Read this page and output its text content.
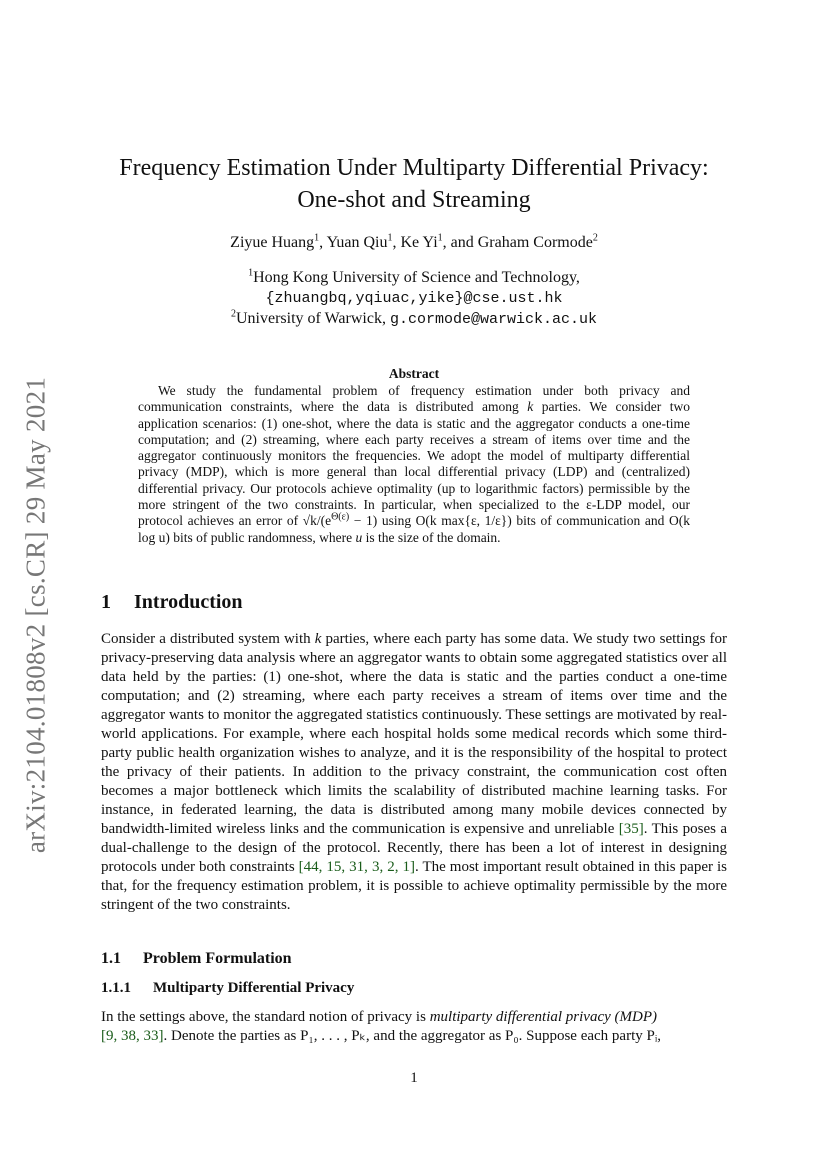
arXiv:2104.01808v2 [cs.CR] 29 May 2021
Frequency Estimation Under Multiparty Differential Privacy:
One-shot and Streaming
Ziyue Huang$^1$, Yuan Qiu$^1$, Ke Yi$^1$, and Graham Cormode$^2$
$^1$Hong Kong University of Science and Technology,
{zhuangbq,yqiuac,yike}@cse.ust.hk
$^2$University of Warwick, g.cormode@warwick.ac.uk
Abstract
We study the fundamental problem of frequency estimation under both privacy and communication constraints, where the data is distributed among k parties. We consider two application scenarios: (1) one-shot, where the data is static and the aggregator conducts a one-time computation; and (2) streaming, where each party receives a stream of items over time and the aggregator continuously monitors the frequencies. We adopt the model of multiparty differential privacy (MDP), which is more general than local differential privacy (LDP) and (centralized) differential privacy. Our protocols achieve optimality (up to logarithmic factors) permissible by the more stringent of the two constraints. In particular, when specialized to the ε-LDP model, our protocol achieves an error of $√k/(e^{\Theta(\varepsilon)} - 1)$ using O(k max{ε, 1/ε}) bits of communication and O(k log u) bits of public randomness, where u is the size of the domain.
1 Introduction
Consider a distributed system with k parties, where each party has some data. We study two settings for privacy-preserving data analysis where an aggregator wants to obtain some aggregated statistics over all data held by the parties: (1) one-shot, where the data is static and the parties conduct a one-time computation; and (2) streaming, where each party receives a stream of items over time and the aggregator wants to monitor the aggregated statistics continuously. These settings are motivated by real-world applications. For example, where each hospital holds some medical records which some third-party public health organization wishes to analyze, and it is the responsibility of the hospital to protect the privacy of their patients. In addition to the privacy constraint, the communication cost often becomes a major bottleneck which limits the scalability of distributed machine learning tasks. For instance, in federated learning, the data is distributed among many mobile devices connected by bandwidth-limited wireless links and the communication is expensive and unreliable [35]. This poses a dual-challenge to the design of the protocol. Recently, there has been a lot of interest in designing protocols under both constraints [44, 15, 31, 3, 2, 1]. The most important result obtained in this paper is that, for the frequency estimation problem, it is possible to achieve optimality permissible by the more stringent of the two constraints.
1.1 Problem Formulation
1.1.1 Multiparty Differential Privacy
In the settings above, the standard notion of privacy is multiparty differential privacy (MDP)
[9, 38, 33]. Denote the parties as P₁, . . . , Pₖ, and the aggregator as P₀. Suppose each party Pᵢ,
1
